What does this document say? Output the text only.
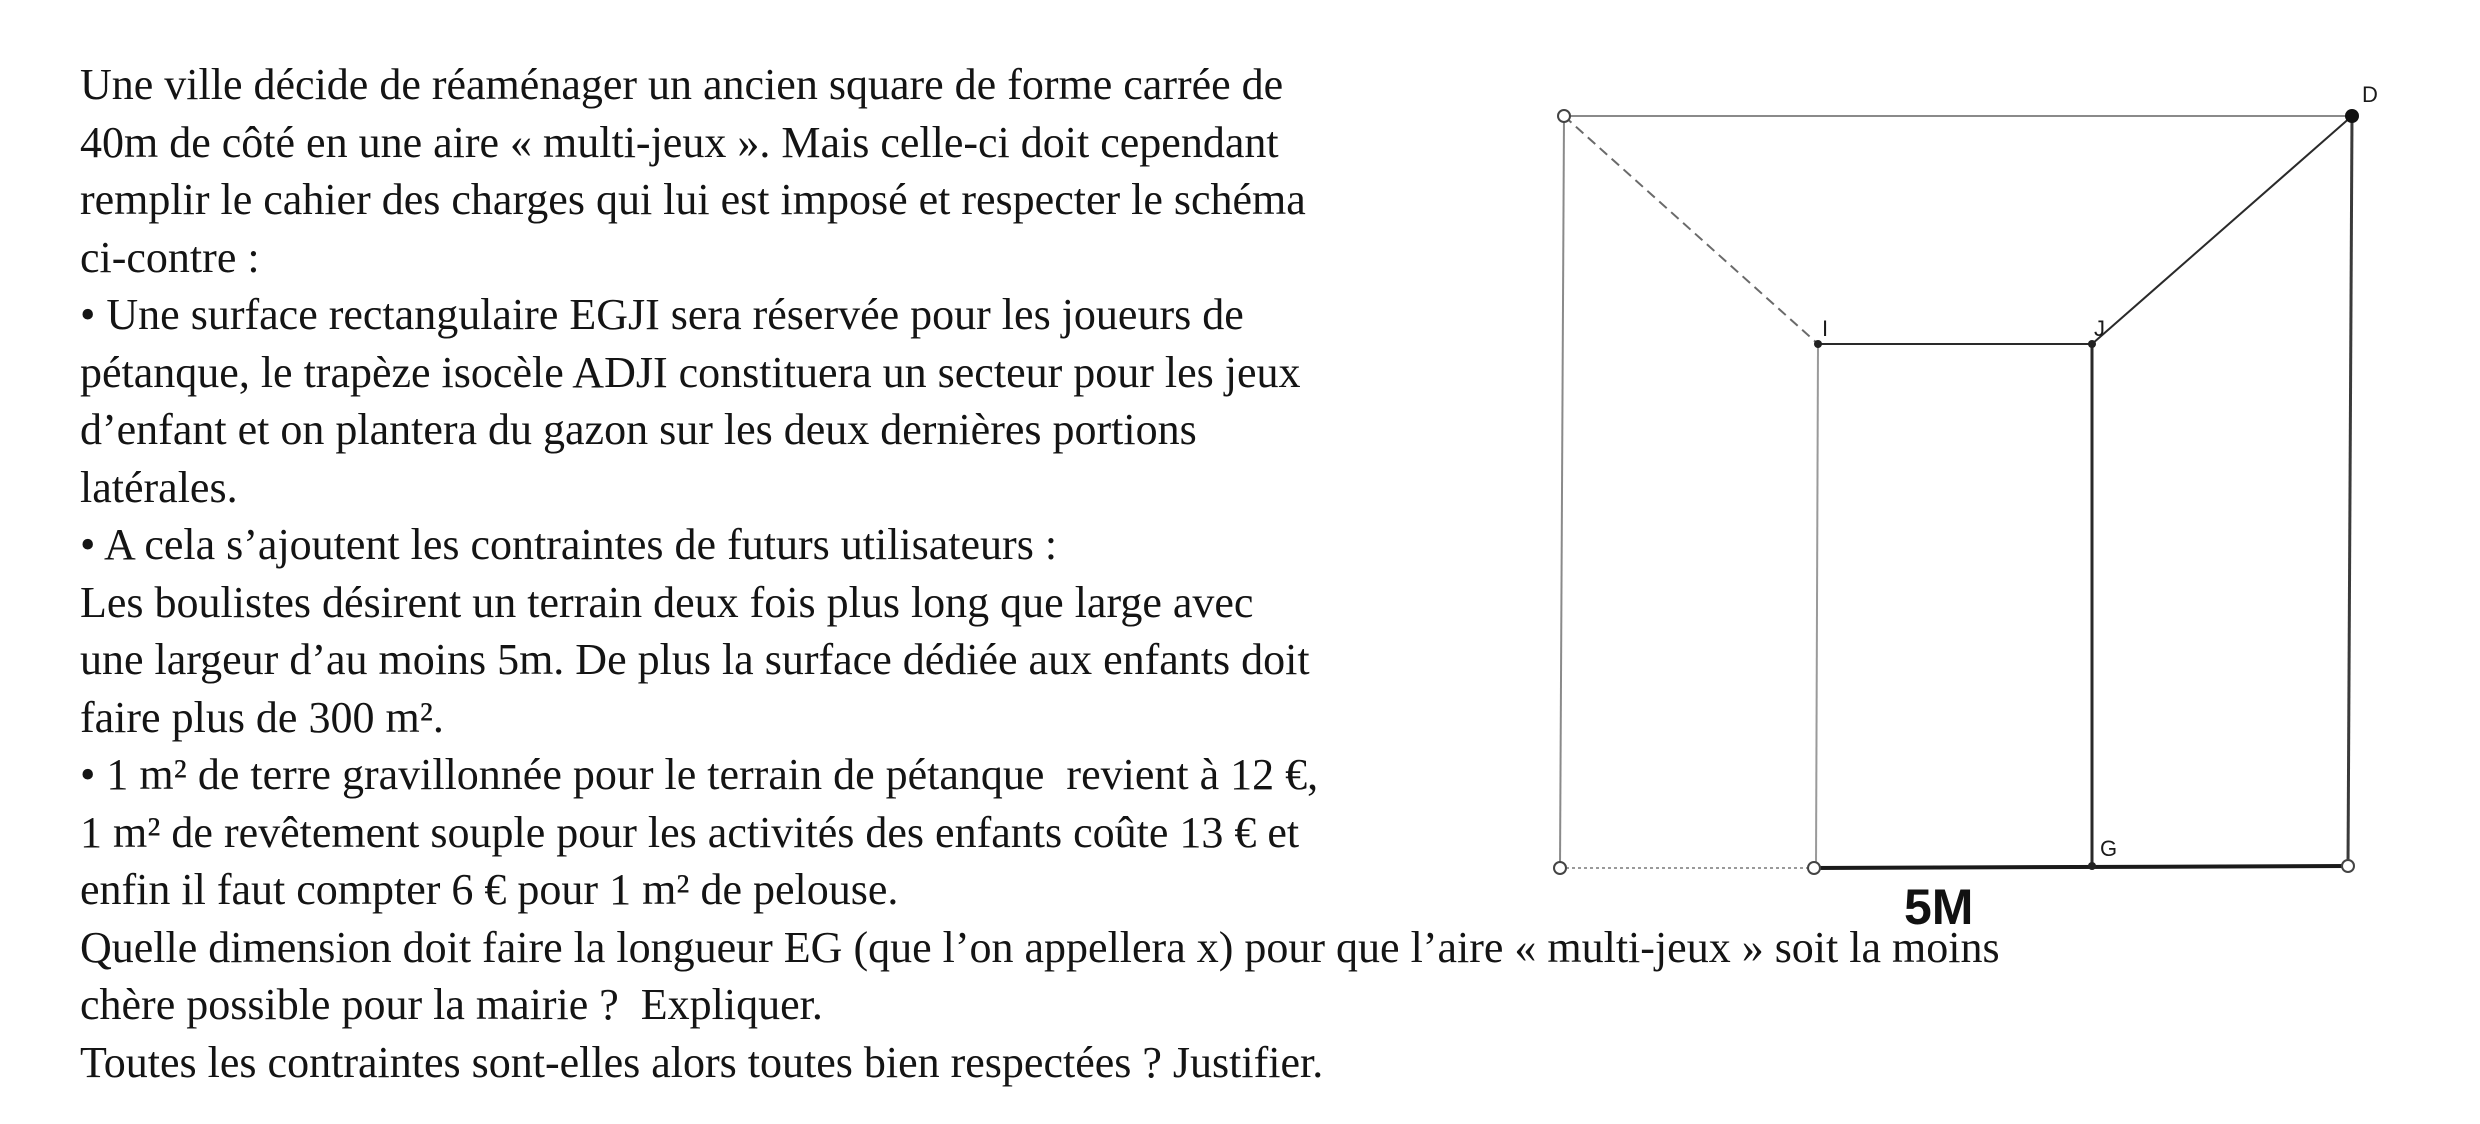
Une ville décide de réaménager un ancien square de forme carrée de
40m de côté en une aire « multi-jeux ». Mais celle-ci doit cependant
remplir le cahier des charges qui lui est imposé et respecter le schéma
ci-contre :
• Une surface rectangulaire EGJI sera réservée pour les joueurs de
pétanque, le trapèze isocèle ADJI constituera un secteur pour les jeux
d’enfant et on plantera du gazon sur les deux dernières portions
latérales.
• A cela s’ajoutent les contraintes de futurs utilisateurs :
Les boulistes désirent un terrain deux fois plus long que large avec
une largeur d’au moins 5m. De plus la surface dédiée aux enfants doit
faire plus de 300 m².
• 1 m² de terre gravillonnée pour le terrain de pétanque  revient à 12 €,
1 m² de revêtement souple pour les activités des enfants coûte 13 € et
enfin il faut compter 6 € pour 1 m² de pelouse.
Quelle dimension doit faire la longueur EG (que l’on appellera x) pour que l’aire « multi-jeux » soit la moins
chère possible pour la mairie ?  Expliquer.
Toutes les contraintes sont-elles alors toutes bien respectées ? Justifier.
D
I	J
G
5M
